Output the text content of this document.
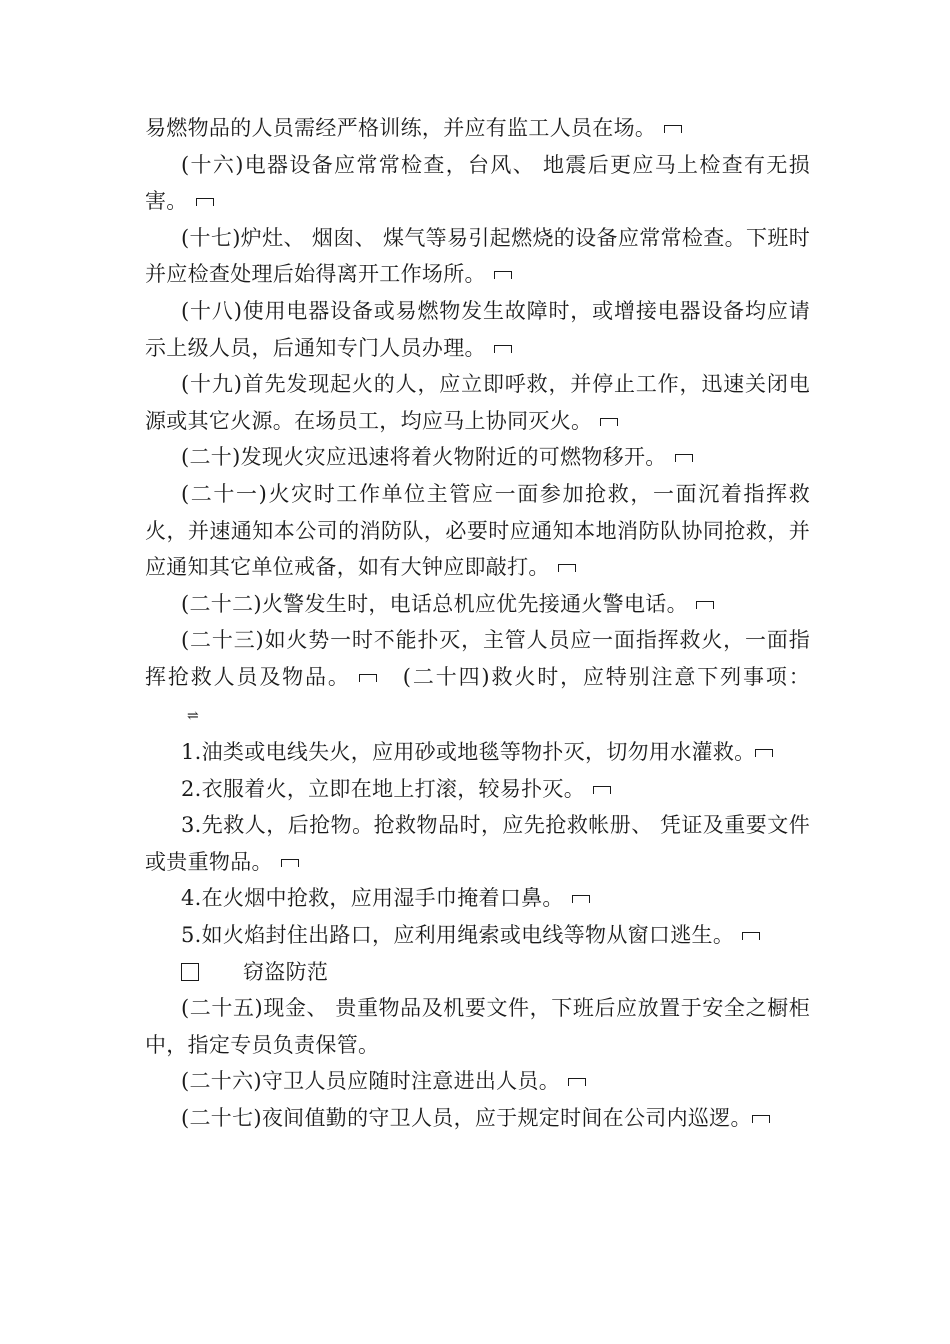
易燃物品的人员需经严格训练，并应有监工人员在场。

(十六)电器设备应常常检查，台风、 地震后更应马上检查有无损害。

(十七)炉灶、 烟囱、 煤气等易引起燃烧的设备应常常检查。下班时并应检查处理后始得离开工作场所。

(十八)使用电器设备或易燃物发生故障时，或增接电器设备均应请示上级人员，后通知专门人员办理。

(十九)首先发现起火的人，应立即呼救，并停止工作，迅速关闭电源或其它火源。在场员工，均应马上协同灭火。

(二十)发现火灾应迅速将着火物附近的可燃物移开。

(二十一)火灾时工作单位主管应一面参加抢救，一面沉着指挥救火，并速通知本公司的消防队，必要时应通知本地消防队协同抢救，并应通知其它单位戒备，如有大钟应即敲打。

(二十二)火警发生时，电话总机应优先接通火警电话。

(二十三)如火势一时不能扑灭，主管人员应一面指挥救火，一面指挥抢救人员及物品。 (二十四)救火时，应特别注意下列事项：⇌

1.油类或电线失火，应用砂或地毯等物扑灭，切勿用水灌救。

2.衣服着火，立即在地上打滚，较易扑灭。

3.先救人，后抢物。抢救物品时，应先抢救帐册、 凭证及重要文件或贵重物品。

4.在火烟中抢救，应用湿手巾掩着口鼻。

5.如火焰封住出路口，应利用绳索或电线等物从窗口逃生。

窃盗防范

(二十五)现金、 贵重物品及机要文件，下班后应放置于安全之橱柜中，指定专员负责保管。

(二十六)守卫人员应随时注意进出人员。

(二十七)夜间值勤的守卫人员，应于规定时间在公司内巡逻。
